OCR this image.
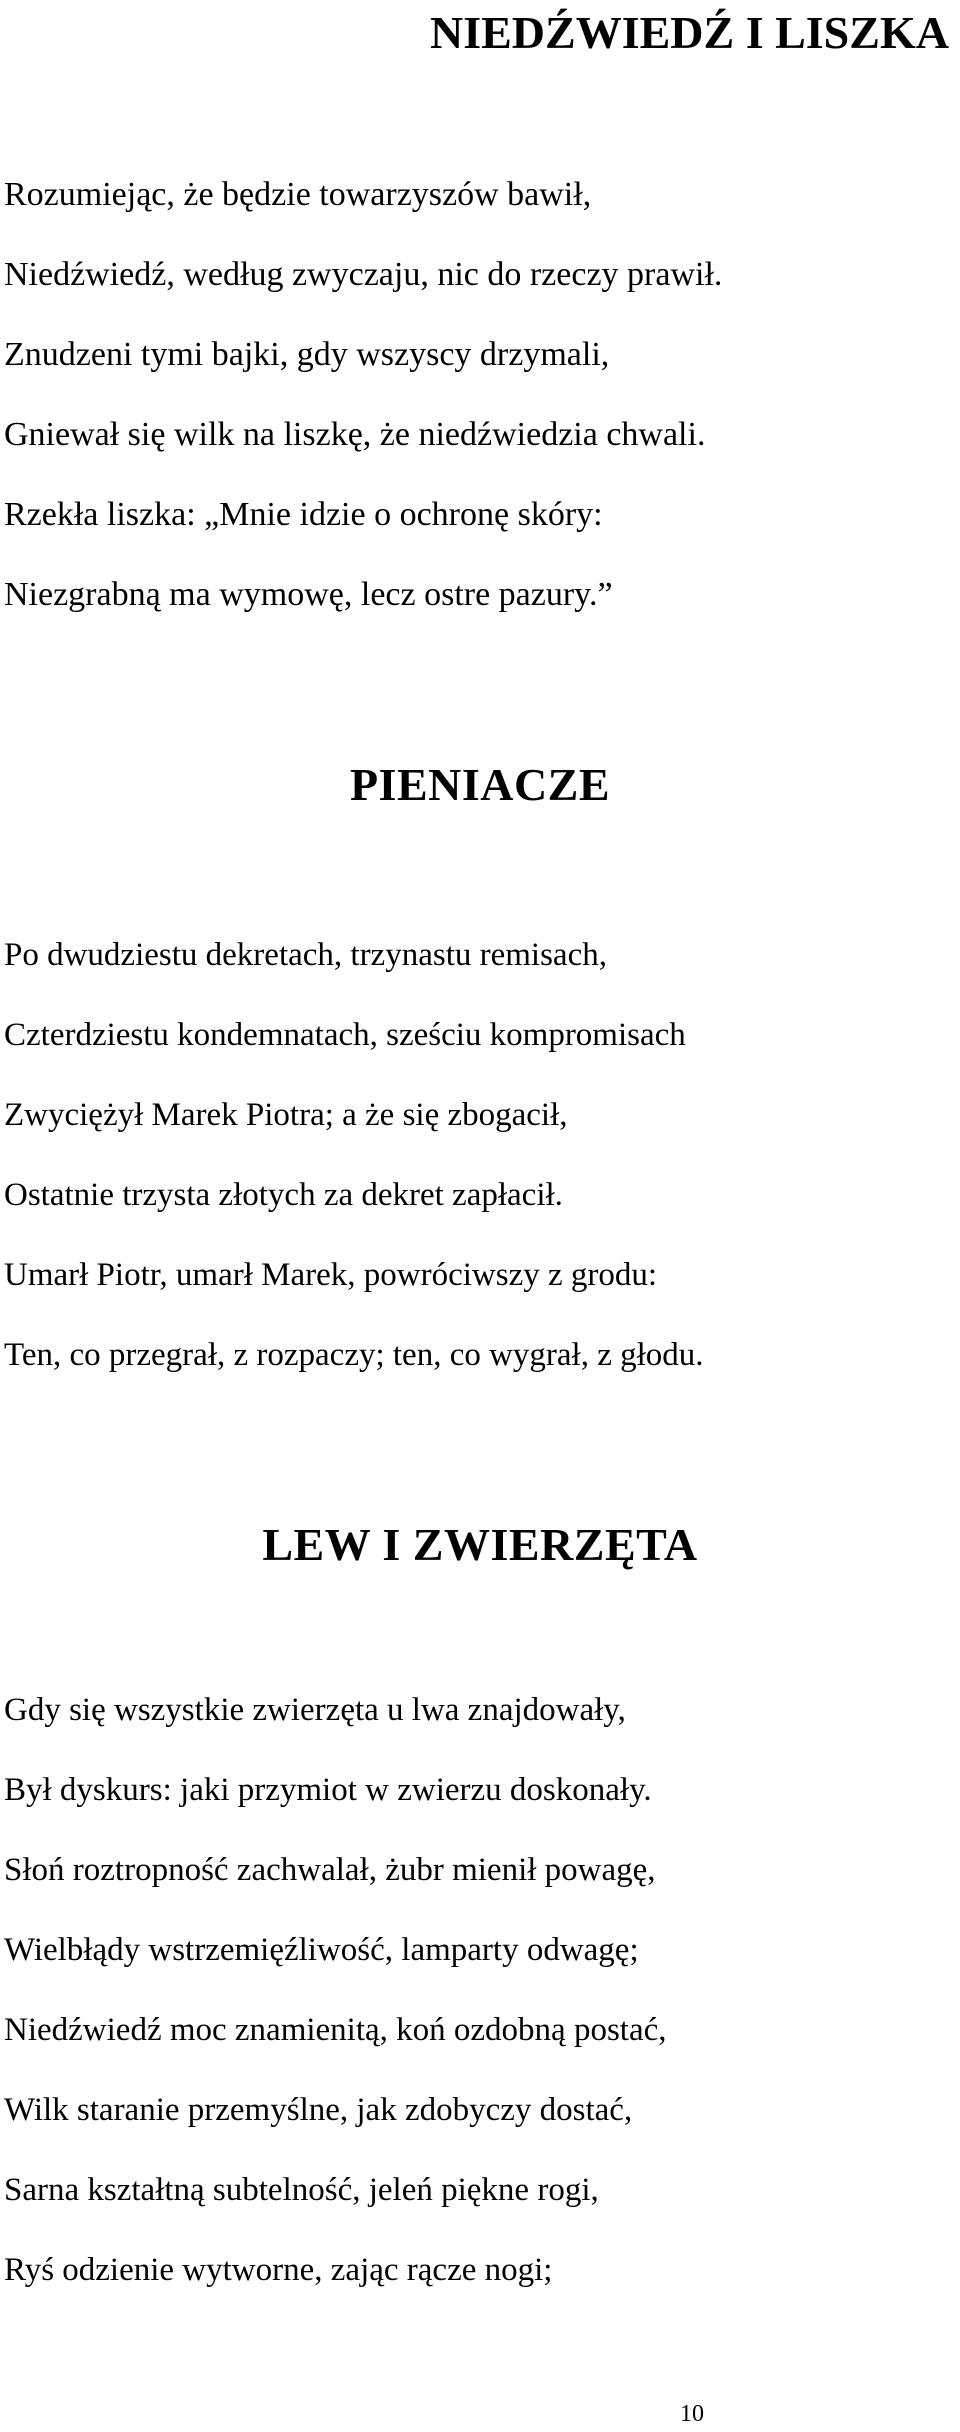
NIEDŹWIEDŹ I LISZKA
Rozumiejąc, że będzie towarzyszów bawił,
Niedźwiedź, według zwyczaju, nic do rzeczy prawił.
Znudzeni tymi bajki, gdy wszyscy drzymali,
Gniewał się wilk na liszkę, że niedźwiedzia chwali.
Rzekła liszka: „Mnie idzie o ochronę skóry:
Niezgrabną ma wymowę, lecz ostre pazury.”
PIENIACZE
Po dwudziestu dekretach, trzynastu remisach,
Czterdziestu kondemnatach, sześciu kompromisach
Zwyciężył Marek Piotra; a że się zbogacił,
Ostatnie trzysta złotych za dekret zapłacił.
Umarł Piotr, umarł Marek, powróciwszy z grodu:
Ten, co przegrał, z rozpaczy; ten, co wygrał, z głodu.
LEW I ZWIERZĘTA
Gdy się wszystkie zwierzęta u lwa znajdowały,
Był dyskurs: jaki przymiot w zwierzu doskonały.
Słoń roztropność zachwalał, żubr mienił powagę,
Wielbłądy wstrzemięźliwość, lamparty odwagę;
Niedźwiedź moc znamienitą, koń ozdobną postać,
Wilk staranie przemyślne, jak zdobyczy dostać,
Sarna kształtną subtelność, jeleń piękne rogi,
Ryś odzienie wytworne, zając rącze nogi;
10
